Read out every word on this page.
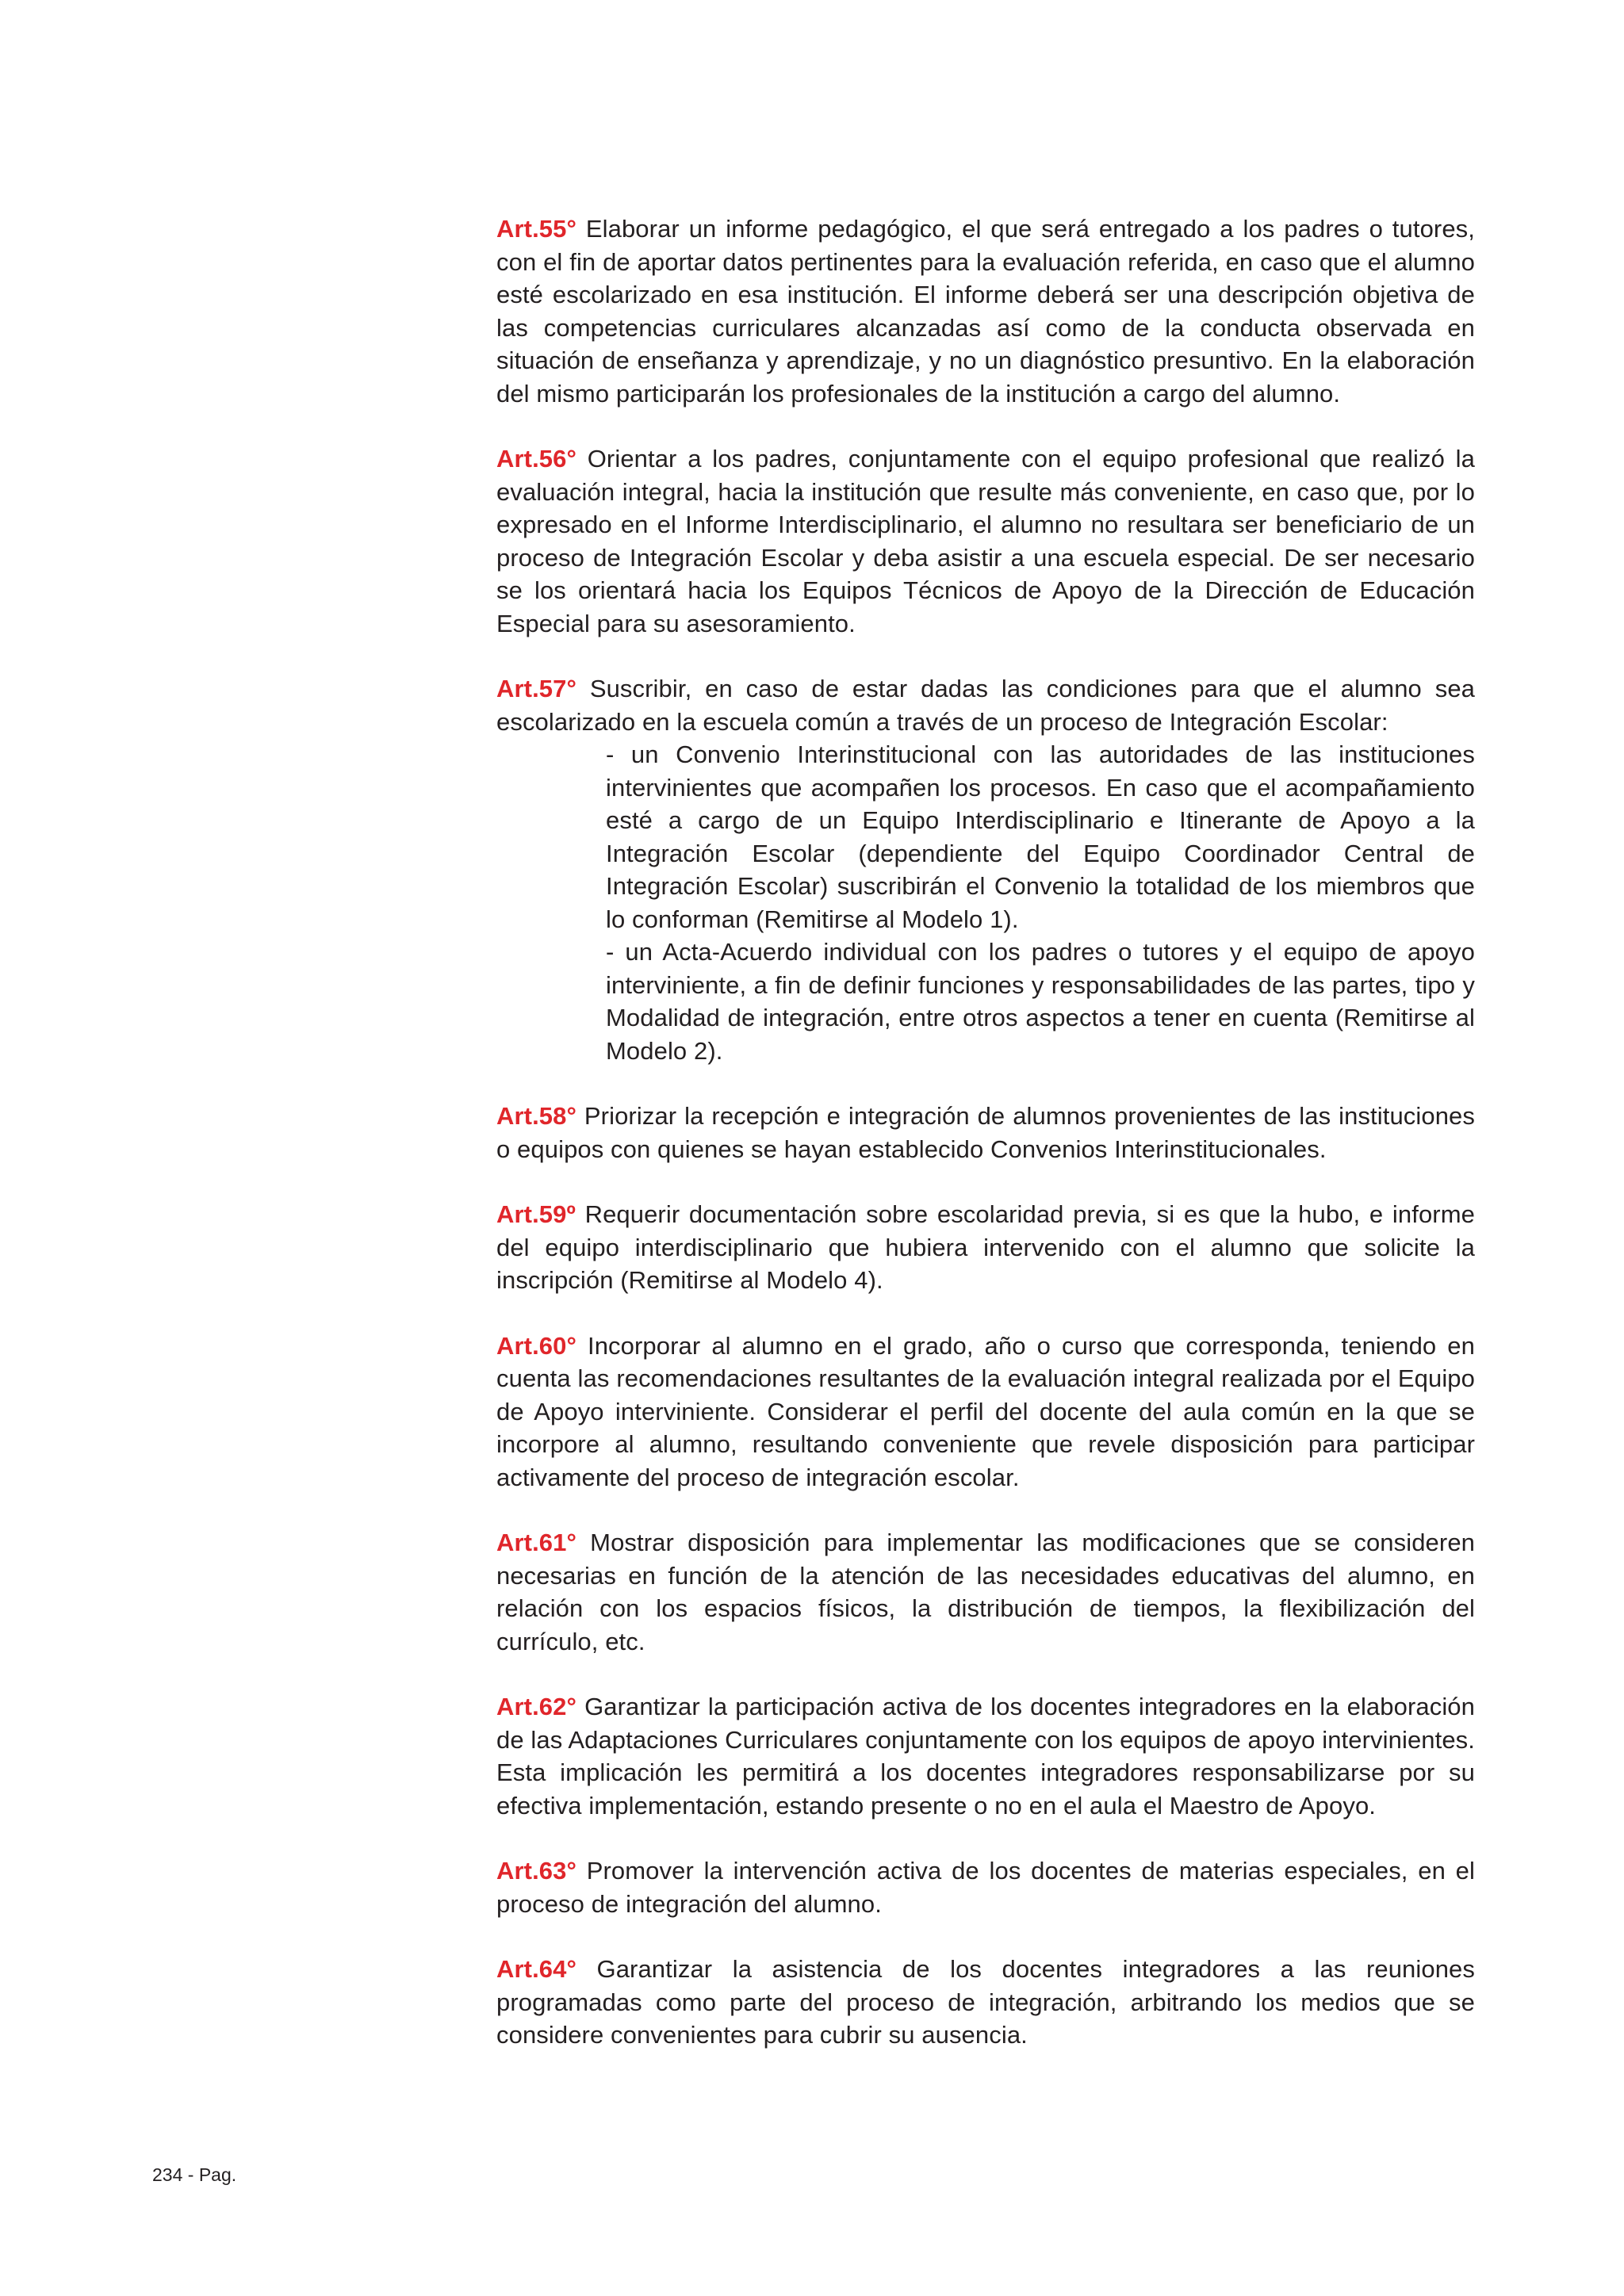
Art.55° Elaborar un informe pedagógico, el que será entregado a los padres o tutores, con el fin de aportar datos pertinentes para la evaluación referida, en caso que el alumno esté escolarizado en esa institución. El informe deberá ser una descripción objetiva de las competencias curriculares alcanzadas así como de la conducta observada en situación de enseñanza y aprendizaje, y no un diagnóstico presuntivo. En la elaboración del mismo participarán los profesionales de la institución a cargo del alumno.

Art.56° Orientar a los padres, conjuntamente con el equipo profesional que realizó la evaluación integral, hacia la institución que resulte más conveniente, en caso que, por lo expresado en el Informe Interdisciplinario, el alumno no resultara ser beneficiario de un proceso de Integración Escolar y deba asistir a una escuela especial. De ser necesario se los orientará hacia los Equipos Técnicos de Apoyo de la Dirección de Educación Especial para su asesoramiento.

Art.57° Suscribir, en caso de estar dadas las condiciones para que el alumno sea escolarizado en la escuela común a través de un proceso de Integración Escolar:
- un Convenio Interinstitucional con las autoridades de las instituciones intervinientes que acompañen los procesos. En caso que el acompañamiento esté a cargo de un Equipo Interdisciplinario e Itinerante de Apoyo a la Integración Escolar (dependiente del Equipo Coordinador Central de Integración Escolar) suscribirán el Convenio la totalidad de los miembros que lo conforman (Remitirse al Modelo 1).
- un Acta-Acuerdo individual con los padres o tutores y el equipo de apoyo interviniente, a fin de definir funciones y responsabilidades de las partes, tipo y Modalidad de integración, entre otros aspectos a tener en cuenta (Remitirse al Modelo 2).

Art.58° Priorizar la recepción e integración de alumnos provenientes de las instituciones o equipos con quienes se hayan establecido Convenios Interinstitucionales.

Art.59º Requerir documentación sobre escolaridad previa, si es que la hubo, e informe del equipo interdisciplinario que hubiera intervenido con el alumno que solicite la inscripción (Remitirse al Modelo 4).

Art.60° Incorporar al alumno en el grado, año o curso que corresponda, teniendo en cuenta las recomendaciones resultantes de la evaluación integral realizada por el Equipo de Apoyo interviniente. Considerar el perfil del docente del aula común en la que se incorpore al alumno, resultando conveniente que revele disposición para participar activamente del proceso de integración escolar.

Art.61° Mostrar disposición para implementar las modificaciones que se consideren necesarias en función de la atención de las necesidades educativas del alumno, en relación con los espacios físicos, la distribución de tiempos, la flexibilización del currículo, etc.

Art.62° Garantizar la participación activa de los docentes integradores en la elaboración de las Adaptaciones Curriculares conjuntamente con los equipos de apoyo intervinientes. Esta implicación les permitirá a los docentes integradores responsabilizarse por su efectiva implementación, estando presente o no en el aula el Maestro de Apoyo.

Art.63° Promover la intervención activa de los docentes de materias especiales, en el proceso de integración del alumno.

Art.64° Garantizar la asistencia de los docentes integradores a las reuniones programadas como parte del proceso de integración, arbitrando los medios que se considere convenientes para cubrir su ausencia.

234 - Pag.
